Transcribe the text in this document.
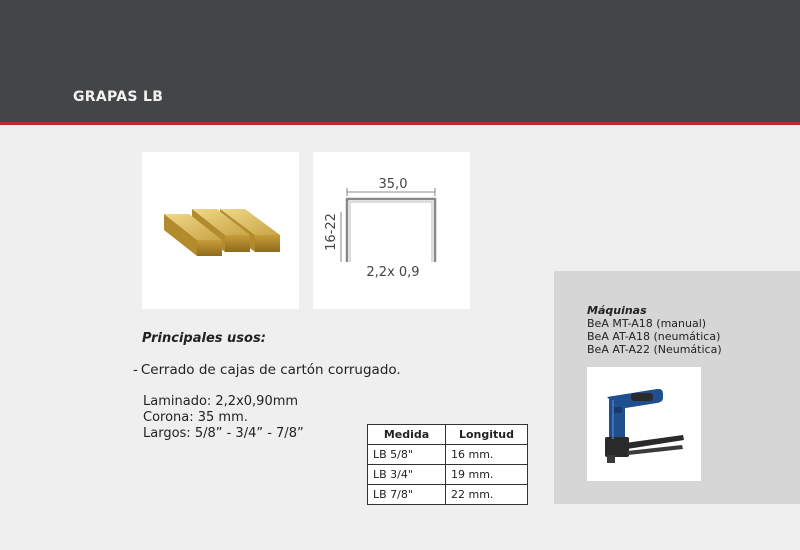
GRAPAS LB
35,0
16-22
2,2x 0,9
Principales usos:
- Cerrado de cajas de cartón corrugado.
Laminado: 2,2x0,90mm
Corona: 35 mm.
Largos: 5/8” - 3/4” - 7/8”	Medida	Longitud
LB 5/8"	16 mm.
LB 3/4"	19 mm.
LB 7/8"	22 mm.
Máquinas
BeA MT-A18 (manual)
BeA AT-A18 (neumática)
BeA AT-A22 (Neumática)
